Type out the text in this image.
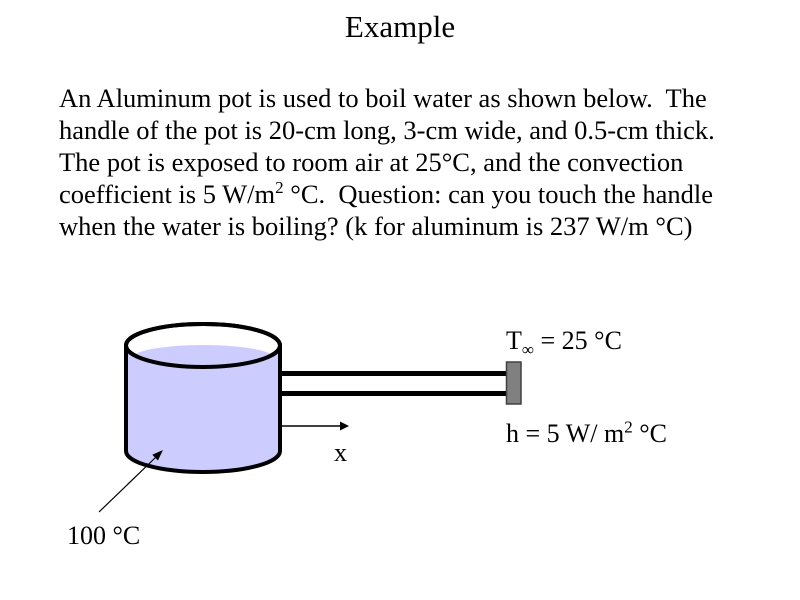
Example
An Aluminum pot is used to boil water as shown below.  The
handle of the pot is 20-cm long, 3-cm wide, and 0.5-cm thick.
The pot is exposed to room air at 25°C, and the convection
coefficient is 5 $W/m^2$ °C.  Question: can you touch the handle
when the water is boiling? (k for aluminum is 237 W/m °C)

$T_\infty = 25$ °C

h = 5 W/ $m^2$ °C

x
100 °C
